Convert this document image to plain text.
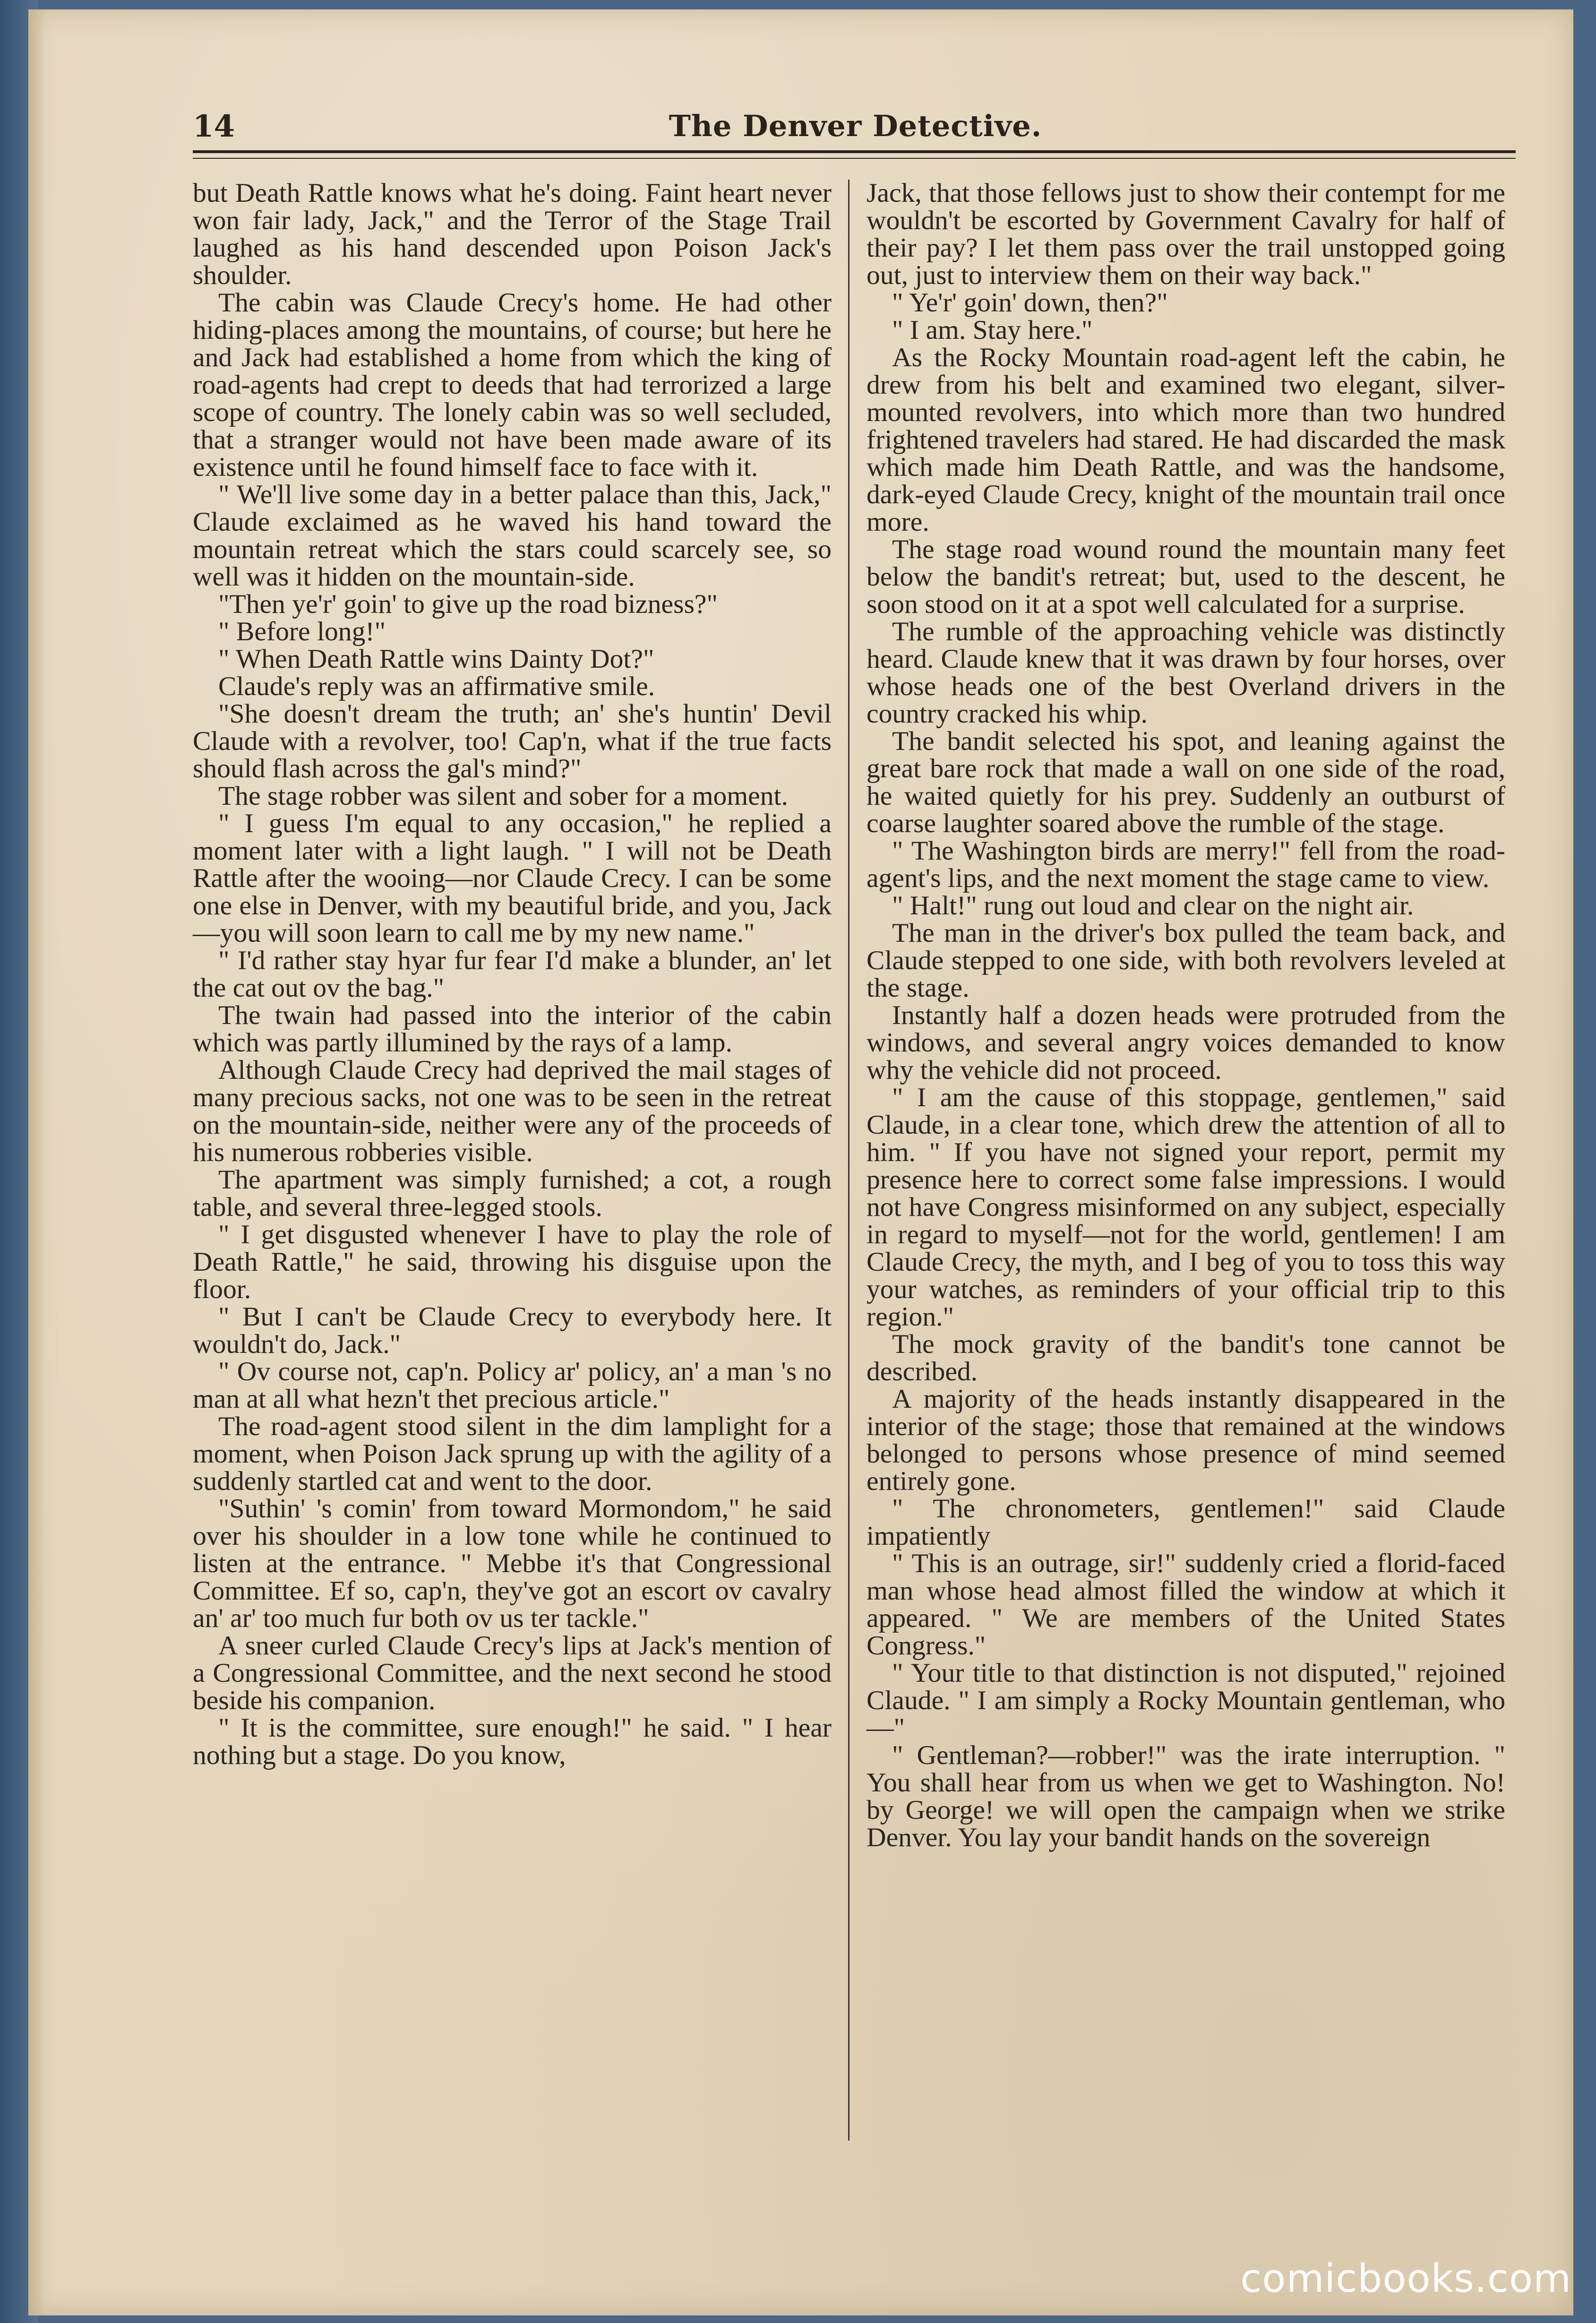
14	The Denver Detective.

but Death Rattle knows what he's doing. Faint heart never won fair lady, Jack," and the Terror of the Stage Trail laughed as his hand descended upon Poison Jack's shoulder.

The cabin was Claude Crecy's home. He had other hiding-places among the mountains, of course; but here he and Jack had established a home from which the king of road-agents had crept to deeds that had terrorized a large scope of country. The lonely cabin was so well secluded, that a stranger would not have been made aware of its existence until he found himself face to face with it.

" We'll live some day in a better palace than this, Jack," Claude exclaimed as he waved his hand toward the mountain retreat which the stars could scarcely see, so well was it hidden on the mountain-side.

"Then ye'r' goin' to give up the road bizness?"

" Before long!"

" When Death Rattle wins Dainty Dot?"

Claude's reply was an affirmative smile.

"She doesn't dream the truth; an' she's huntin' Devil Claude with a revolver, too! Cap'n, what if the true facts should flash across the gal's mind?"

The stage robber was silent and sober for a moment.

" I guess I'm equal to any occasion," he replied a moment later with a light laugh. " I will not be Death Rattle after the wooing—nor Claude Crecy. I can be some one else in Denver, with my beautiful bride, and you, Jack—you will soon learn to call me by my new name."

" I'd rather stay hyar fur fear I'd make a blunder, an' let the cat out ov the bag."

The twain had passed into the interior of the cabin which was partly illumined by the rays of a lamp.

Although Claude Crecy had deprived the mail stages of many precious sacks, not one was to be seen in the retreat on the mountain-side, neither were any of the proceeds of his numerous robberies visible.

The apartment was simply furnished; a cot, a rough table, and several three-legged stools.

" I get disgusted whenever I have to play the role of Death Rattle," he said, throwing his disguise upon the floor.

" But I can't be Claude Crecy to everybody here. It wouldn't do, Jack."

" Ov course not, cap'n. Policy ar' policy, an' a man 's no man at all what hezn't thet precious article."

The road-agent stood silent in the dim lamplight for a moment, when Poison Jack sprung up with the agility of a suddenly startled cat and went to the door.

"Suthin' 's comin' from toward Mormondom," he said over his shoulder in a low tone while he continued to listen at the entrance. " Mebbe it's that Congressional Committee. Ef so, cap'n, they've got an escort ov cavalry an' ar' too much fur both ov us ter tackle."

A sneer curled Claude Crecy's lips at Jack's mention of a Congressional Committee, and the next second he stood beside his companion.

" It is the committee, sure enough!" he said. " I hear nothing but a stage. Do you know,

Jack, that those fellows just to show their contempt for me wouldn't be escorted by Government Cavalry for half of their pay? I let them pass over the trail unstopped going out, just to interview them on their way back."

" Ye'r' goin' down, then?"

" I am. Stay here."

As the Rocky Mountain road-agent left the cabin, he drew from his belt and examined two elegant, silver-mounted revolvers, into which more than two hundred frightened travelers had stared. He had discarded the mask which made him Death Rattle, and was the handsome, dark-eyed Claude Crecy, knight of the mountain trail once more.

The stage road wound round the mountain many feet below the bandit's retreat; but, used to the descent, he soon stood on it at a spot well calculated for a surprise.

The rumble of the approaching vehicle was distinctly heard. Claude knew that it was drawn by four horses, over whose heads one of the best Overland drivers in the country cracked his whip.

The bandit selected his spot, and leaning against the great bare rock that made a wall on one side of the road, he waited quietly for his prey. Suddenly an outburst of coarse laughter soared above the rumble of the stage.

" The Washington birds are merry!" fell from the road-agent's lips, and the next moment the stage came to view.

" Halt!" rung out loud and clear on the night air.

The man in the driver's box pulled the team back, and Claude stepped to one side, with both revolvers leveled at the stage.

Instantly half a dozen heads were protruded from the windows, and several angry voices demanded to know why the vehicle did not proceed.

" I am the cause of this stoppage, gentlemen," said Claude, in a clear tone, which drew the attention of all to him. " If you have not signed your report, permit my presence here to correct some false impressions. I would not have Congress misinformed on any subject, especially in regard to myself—not for the world, gentlemen! I am Claude Crecy, the myth, and I beg of you to toss this way your watches, as reminders of your official trip to this region."

The mock gravity of the bandit's tone cannot be described.

A majority of the heads instantly disappeared in the interior of the stage; those that remained at the windows belonged to persons whose presence of mind seemed entirely gone.

" The chronometers, gentlemen!" said Claude impatiently

" This is an outrage, sir!" suddenly cried a florid-faced man whose head almost filled the window at which it appeared. " We are members of the United States Congress."

" Your title to that distinction is not disputed," rejoined Claude. " I am simply a Rocky Mountain gentleman, who—"

" Gentleman?—robber!" was the irate interruption. " You shall hear from us when we get to Washington. No! by George! we will open the campaign when we strike Denver. You lay your bandit hands on the sovereign

comicbooks.com
